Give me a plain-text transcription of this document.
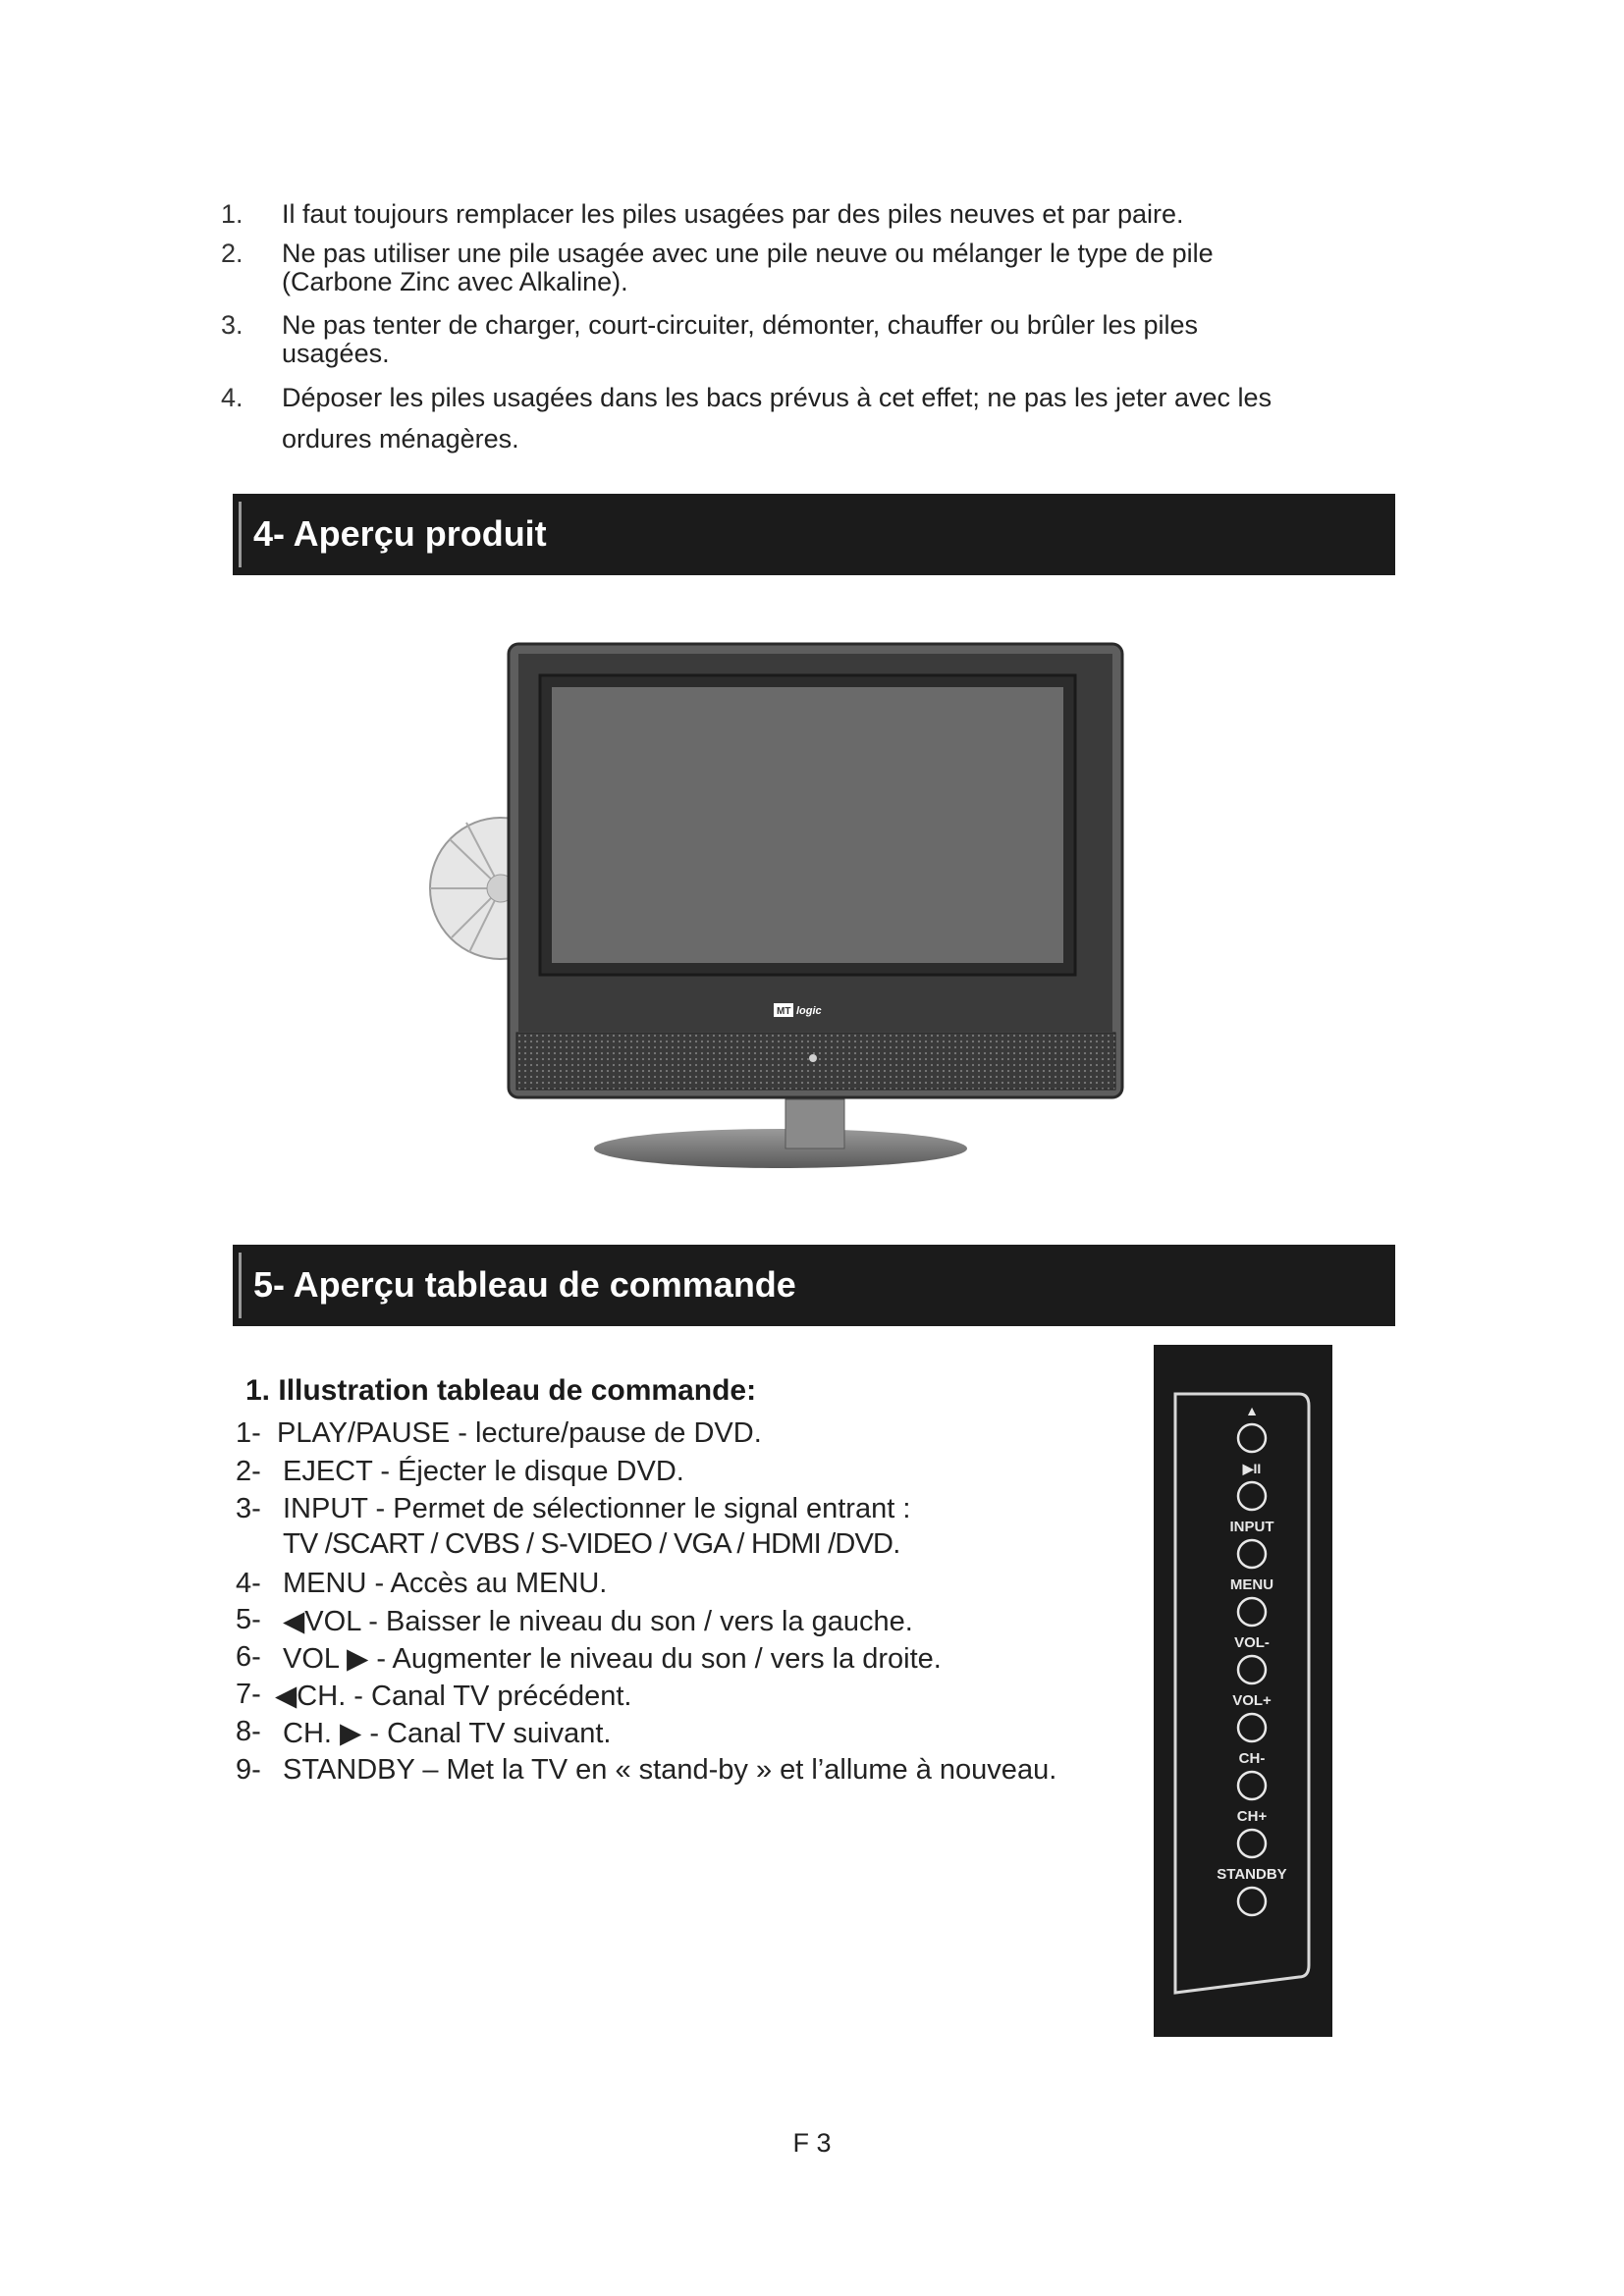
1.	Il faut toujours remplacer les piles usagées par des piles neuves et par paire.
2.	Ne pas utiliser une pile usagée avec une pile neuve ou mélanger le type de pile
(Carbone Zinc avec Alkaline).
3.	Ne pas tenter de charger, court-circuiter, démonter, chauffer ou brûler les piles
usagées.
4.	Déposer les piles usagées dans les bacs prévus à cet effet; ne pas les jeter avec les
ordures ménagères.
4- Aperçu produit
MT logic
5- Aperçu tableau de commande
1. Illustration tableau de commande:
1- PLAY/PAUSE - lecture/pause de DVD.
2- EJECT - Éjecter le disque DVD.
3- INPUT - Permet de sélectionner le signal entrant :
TV /SCART / CVBS / S-VIDEO / VGA / HDMI /DVD.
4- MENU - Accès au MENU.
5- ◀VOL - Baisser le niveau du son / vers la gauche.
6- VOL ▶ - Augmenter le niveau du son / vers la droite.
7- ◀CH. - Canal TV précédent.
8- CH. ▶ - Canal TV suivant.
9- STANDBY – Met la TV en « stand-by » et l’allume à nouveau.
▲
▶II
INPUT
MENU
VOL-
VOL+
CH-
CH+
STANDBY
F 3
